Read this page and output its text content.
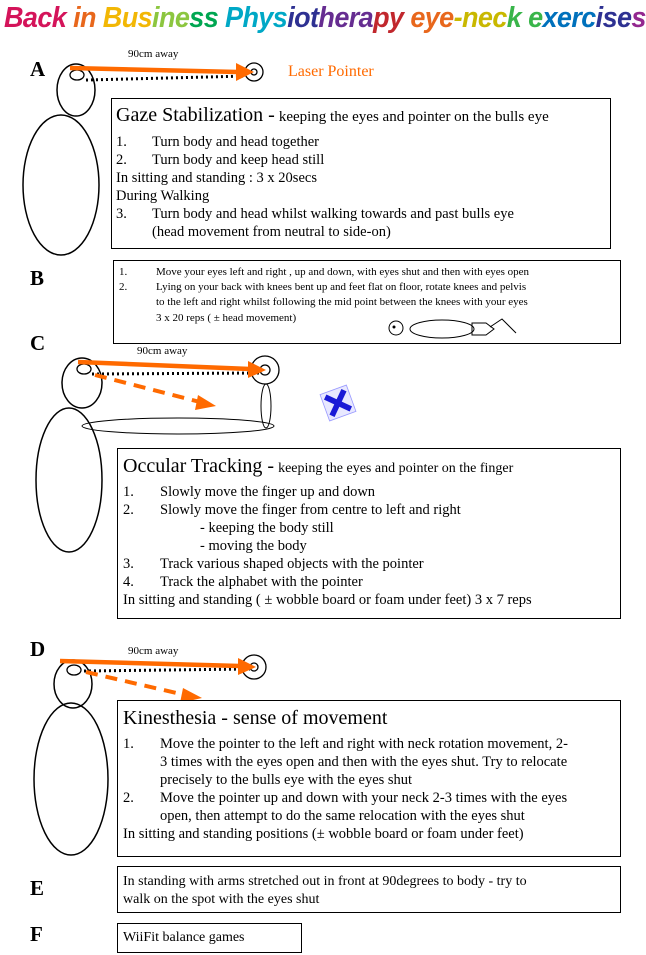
Back in Business Physiotherapy eye-neck exercises
A
90cm away
Laser Pointer
Gaze Stabilization - keeping the eyes and pointer on the bulls eye
1. Turn body and head together
2. Turn body and keep head still
In sitting and standing : 3 x 20secs
During Walking
3. Turn body and head whilst walking towards and past bulls eye
(head movement from neutral to side-on)
B	1.	Move your eyes left and right , up and down, with eyes shut and then with eyes open
2.	Lying on your back with knees bent up and feet flat on floor, rotate knees and pelvis
to the left and right whilst following the mid point between the knees with your eyes
3 x 20 reps ( ± head movement)
C	90cm away
Occular Tracking - keeping the eyes and pointer on the finger
1. Slowly move the finger up and down
2. Slowly move the finger from centre to left and right
- keeping the body still
- moving the body
3. Track various shaped objects with the pointer
4. Track the alphabet with the pointer
In sitting and standing ( ± wobble board or foam under feet) 3 x 7 reps
D	90cm away
Kinesthesia - sense of movement
1. Move the pointer to the left and right with neck rotation movement, 2-
3 times with the eyes open and then with the eyes shut. Try to relocate
precisely to the bulls eye with the eyes shut
2. Move the pointer up and down with your neck 2-3 times with the eyes
open, then attempt to do the same relocation with the eyes shut
In sitting and standing positions (± wobble board or foam under feet)
E	In standing with arms stretched out in front at 90degrees to body - try to
walk on the spot with the eyes shut
F	WiiFit balance games
